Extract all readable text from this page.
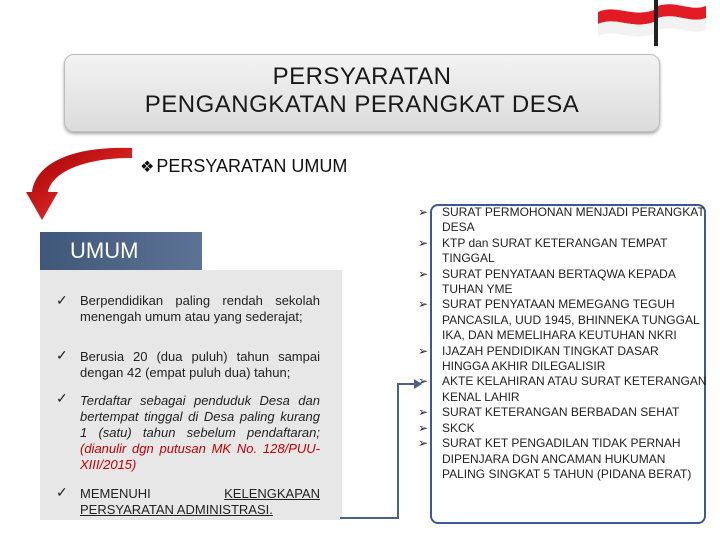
PERSYARATAN
PENGANGKATAN PERANGKAT DESA
❖ PERSYARATAN UMUM
UMUM
✓ Berpendidikan paling rendah sekolah menengah umum atau yang sederajat;
✓ Berusia 20 (dua puluh) tahun sampai dengan 42 (empat puluh dua) tahun;
✓ Terdaftar sebagai penduduk Desa dan bertempat tinggal di Desa paling kurang 1 (satu) tahun sebelum pendaftaran; (dianulir dgn putusan MK No. 128/PUU-XIII/2015)
✓ MEMENUHI	KELENGKAPAN PERSYARATAN ADMINISTRASI.
➢ SURAT PERMOHONAN MENJADI PERANGKAT DESA
➢ KTP dan SURAT KETERANGAN TEMPAT TINGGAL
➢ SURAT PENYATAAN BERTAQWA KEPADA TUHAN YME
➢ SURAT PENYATAAN MEMEGANG TEGUH PANCASILA, UUD 1945, BHINNEKA TUNGGAL IKA, DAN MEMELIHARA KEUTUHAN NKRI
➢ IJAZAH PENDIDIKAN TINGKAT DASAR HINGGA AKHIR DILEGALISIR
➢ AKTE KELAHIRAN ATAU SURAT KETERANGAN KENAL LAHIR
➢ SURAT KETERANGAN BERBADAN SEHAT
➢ SKCK
➢ SURAT KET PENGADILAN TIDAK PERNAH DIPENJARA DGN ANCAMAN HUKUMAN PALING SINGKAT 5 TAHUN (PIDANA BERAT)
